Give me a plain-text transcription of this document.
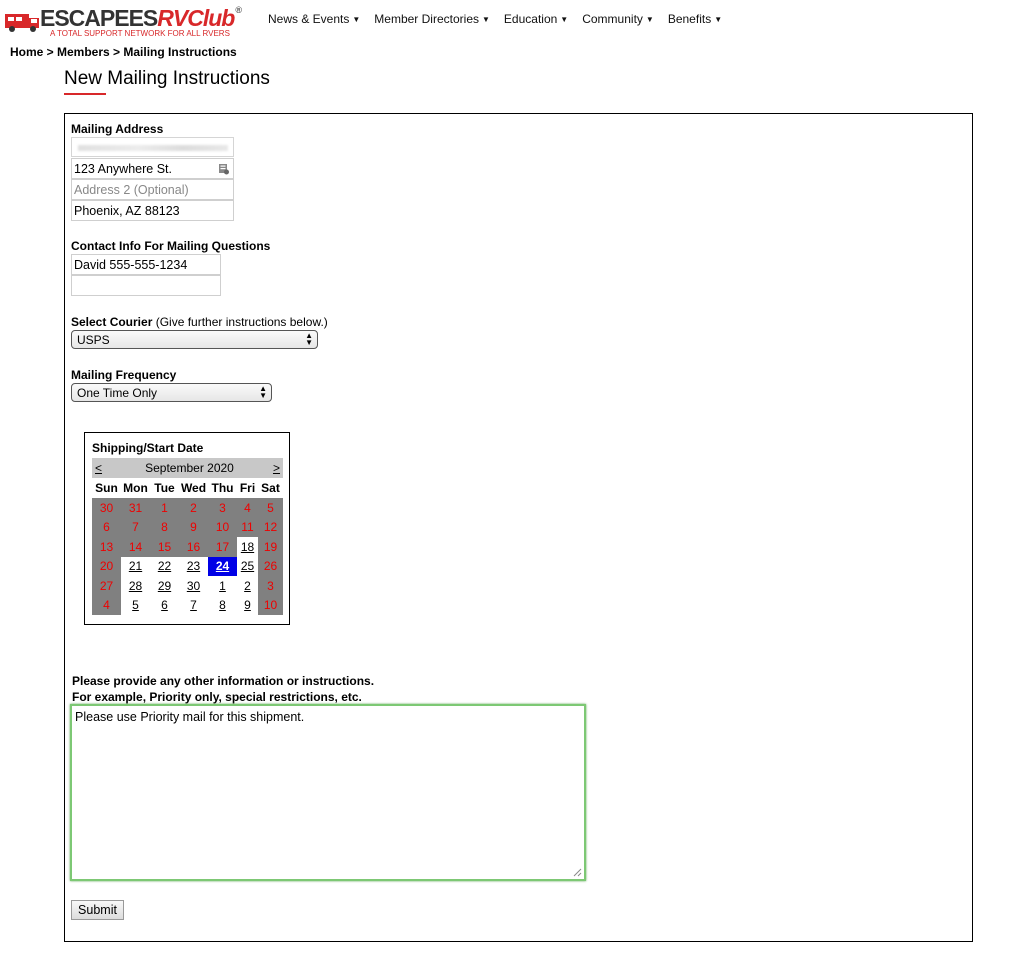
ESCAPEESRVClub®
A TOTAL SUPPORT NETWORK FOR ALL RVERS
News & Events ▼ Member Directories ▼ Education ▼ Community ▼ Benefits ▼
Home > Members > Mailing Instructions
New Mailing Instructions
Mailing Address
123 Anywhere St.
Address 2 (Optional)
Phoenix, AZ 88123
Contact Info For Mailing Questions
David 555-555-1234
Select Courier (Give further instructions below.)
USPS	▲
▼
Mailing Frequency
One Time Only	▲
▼
Shipping/Start Date
<	September 2020					>
Sun	Mon	Tue	Wed	Thu	Fri	Sat
30	31	1	2	3	4	5
6	7	8	9	10	11	12
13	14	15	16	17	18	19
20	21	22	23	24	25	26
27	28	29	30	1	2	3
4	5	6	7	8	9	10
Please provide any other information or instructions.
For example, Priority only, special restrictions, etc.
Please use Priority mail for this shipment.
Submit
